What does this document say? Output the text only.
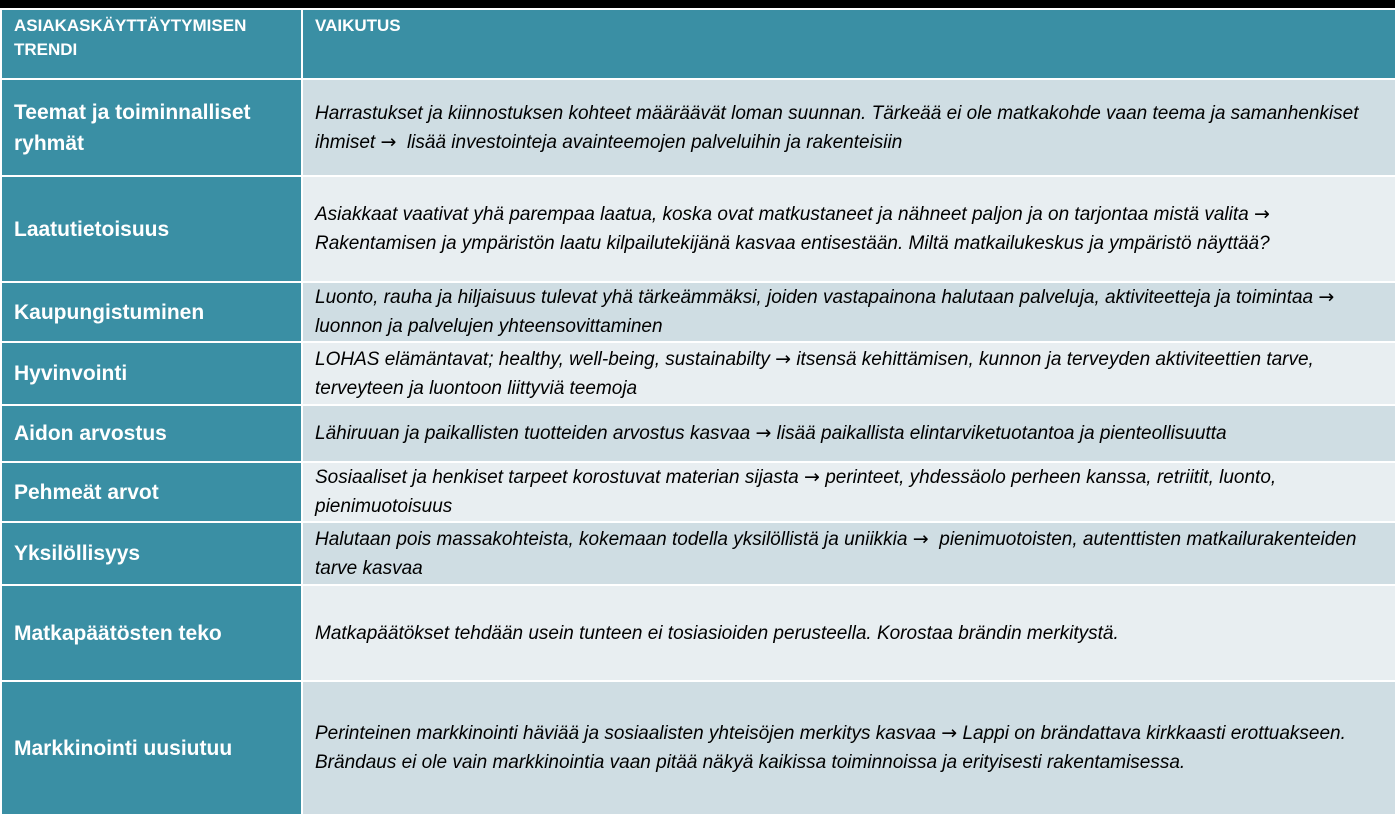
ASIAKASKÄYTTÄYTYMISEN TRENDI	VAIKUTUS
Teemat ja toiminnalliset ryhmät	Harrastukset ja kiinnostuksen kohteet määräävät loman suunnan. Tärkeää ei ole matkakohde vaan teema ja samanhenkiset ihmiset → lisää investointeja avainteemojen palveluihin ja rakenteisiin
Laatutietoisuus	Asiakkaat vaativat yhä parempaa laatua, koska ovat matkustaneet ja nähneet paljon ja on tarjontaa mistä valita → Rakentamisen ja ympäristön laatu kilpailutekijänä kasvaa entisestään. Miltä matkailukeskus ja ympäristö näyttää?
Kaupungistuminen	Luonto, rauha ja hiljaisuus tulevat yhä tärkeämmäksi, joiden vastapainona halutaan palveluja, aktiviteetteja ja toimintaa → luonnon ja palvelujen yhteensovittaminen
Hyvinvointi	LOHAS elämäntavat; healthy, well-being, sustainabilty → itsensä kehittämisen, kunnon ja terveyden aktiviteettien tarve, terveyteen ja luontoon liittyviä teemoja
Aidon arvostus	Lähiruuan ja paikallisten tuotteiden arvostus kasvaa → lisää paikallista elintarviketuotantoa ja pienteollisuutta
Pehmeät arvot	Sosiaaliset ja henkiset tarpeet korostuvat materian sijasta → perinteet, yhdessäolo perheen kanssa, retriitit, luonto, pienimuotoisuus
Yksilöllisyys	Halutaan pois massakohteista, kokemaan todella yksilöllistä ja uniikkia → pienimuotoisten, autenttisten matkailurakenteiden tarve kasvaa
Matkapäätösten teko	Matkapäätökset tehdään usein tunteen ei tosiasioiden perusteella. Korostaa brändin merkitystä.
Markkinointi uusiutuu	Perinteinen markkinointi häviää ja sosiaalisten yhteisöjen merkitys kasvaa → Lappi on brändattava kirkkaasti erottuakseen. Brändaus ei ole vain markkinointia vaan pitää näkyä kaikissa toiminnoissa ja erityisesti rakentamisessa.
